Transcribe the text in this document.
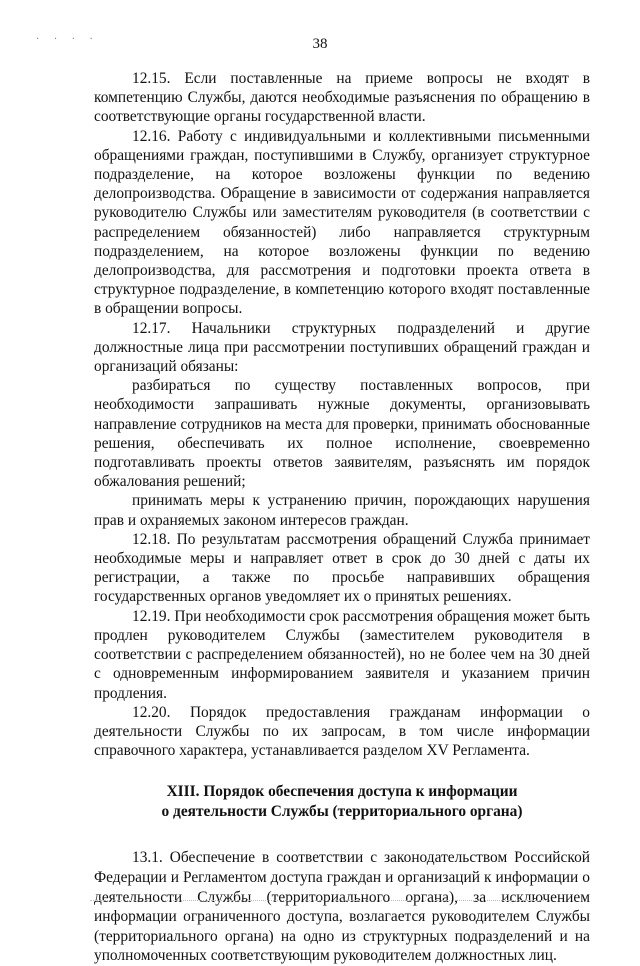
· · · ·	38

12.15. Если поставленные на приеме вопросы не входят в компетенцию Службы, даются необходимые разъяснения по обращению в соответствующие органы государственной власти.

12.16. Работу с индивидуальными и коллективными письменными обращениями граждан, поступившими в Службу, организует структурное подразделение, на которое возложены функции по ведению делопроизводства. Обращение в зависимости от содержания направляется руководителю Службы или заместителям руководителя (в соответствии с распределением обязанностей) либо направляется структурным подразделением, на которое возложены функции по ведению делопроизводства, для рассмотрения и подготовки проекта ответа в структурное подразделение, в компетенцию которого входят поставленные в обращении вопросы.

12.17. Начальники структурных подразделений и другие должностные лица при рассмотрении поступивших обращений граждан и организаций обязаны:

разбираться по существу поставленных вопросов, при необходимости запрашивать нужные документы, организовывать направление сотрудников на места для проверки, принимать обоснованные решения, обеспечивать их полное исполнение, своевременно подготавливать проекты ответов заявителям, разъяснять им порядок обжалования решений;

принимать меры к устранению причин, порождающих нарушения прав и охраняемых законом интересов граждан.

12.18. По результатам рассмотрения обращений Служба принимает необходимые меры и направляет ответ в срок до 30 дней с даты их регистрации, а также по просьбе направивших обращения государственных органов уведомляет их о принятых решениях.

12.19. При необходимости срок рассмотрения обращения может быть продлен руководителем Службы (заместителем руководителя в соответствии с распределением обязанностей), но не более чем на 30 дней с одновременным информированием заявителя и указанием причин продления.

12.20. Порядок предоставления гражданам информации о деятельности Службы по их запросам, в том числе информации справочного характера, устанавливается разделом XV Регламента.

XIII. Порядок обеспечения доступа к информации
о деятельности Службы (территориального органа)

13.1. Обеспечение в соответствии с законодательством Российской Федерации и Регламентом доступа граждан и организаций к информации о деятельности Службы (территориального органа), за исключением информации ограниченного доступа, возлагается руководителем Службы (территориального органа) на одно из структурных подразделений и на уполномоченных соответствующим руководителем должностных лиц.
